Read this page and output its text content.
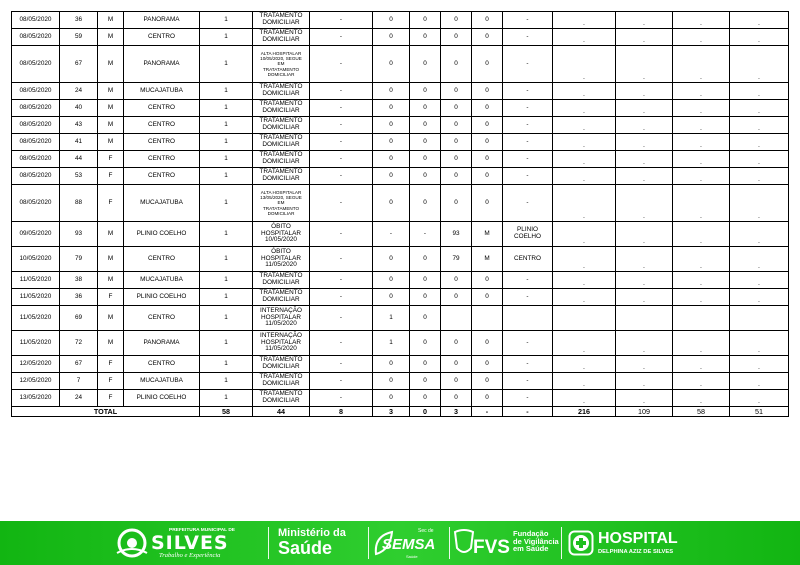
08/05/2020	36	M	PANORAMA	1	TRATAMENTO
DOMICILIAR	-	0	0	0	0	-	.	.	.	.
08/05/2020	59	M	CENTRO	1	TRATAMENTO
DOMICILIAR	-	0	0	0	0	-	.	.	.	.
08/05/2020	67	M	PANORAMA	1	ALTA HOSPITALAR
10/05/2020, SEGUE
EM
TRATATAMENTO
DOMICILIAR	-	0	0	0	0	-	.	.	.	.
08/05/2020	24	M	MUCAJATUBA	1	TRATAMENTO
DOMICILIAR	-	0	0	0	0	-	.	.	.	.
08/05/2020	40	M	CENTRO	1	TRATAMENTO
DOMICILIAR	-	0	0	0	0	-	.	.	.	.
08/05/2020	43	M	CENTRO	1	TRATAMENTO
DOMICILIAR	-	0	0	0	0	-	.	.	.	.
08/05/2020	41	M	CENTRO	1	TRATAMENTO
DOMICILIAR	-	0	0	0	0	-	.	.	.	.
08/05/2020	44	F	CENTRO	1	TRATAMENTO
DOMICILIAR	-	0	0	0	0	-	.	.	.	.
08/05/2020	53	F	CENTRO	1	TRATAMENTO
DOMICILIAR	-	0	0	0	0	-	.	.	.	.
08/05/2020	88	F	MUCAJATUBA	1	ALTA HOSPITALAR
13/05/2020, SEGUE
EM
TRATATAMENTO
DOMICILIAR	-	0	0	0	0	-	.	.	.	.
09/05/2020	93	M	PLINIO COELHO	1	ÓBITO
HOSPITALAR
10/05/2020	-	-	-	93	M	PLINIO COELHO	.	.	.	.
10/05/2020	79	M	CENTRO	1	ÓBITO
HOSPITALAR
11/05/2020	-	0	0	79	M	CENTRO	.	.	.	.
11/05/2020	38	M	MUCAJATUBA	1	TRATAMENTO
DOMICILIAR	-	0	0	0	0	-	.	.	.	.
11/05/2020	36	F	PLINIO COELHO	1	TRATAMENTO
DOMICILIAR	-	0	0	0	0	-	.	.	.	.
11/05/2020	69	M	CENTRO	1	INTERNAÇÃO
HOSPITALAR
11/05/2020	-	1	0							
11/05/2020	72	M	PANORAMA	1	INTERNAÇÃO
HOSPITALAR
11/05/2020	-	1	0	0	0	-	.	.	.	.
12/05/2020	67	F	CENTRO	1	TRATAMENTO
DOMICILIAR	-	0	0	0	0	-	.	.	.	.
12/05/2020	7	F	MUCAJATUBA	1	TRATAMENTO
DOMICILIAR	-	0	0	0	0	-	.	.	.	.
13/05/2020	24	F	PLINIO COELHO	1	TRATAMENTO
DOMICILIAR	-	0	0	0	0	-	.	.	.	.
TOTAL				58	44	8	3	0	3	-	-	216	109	58	51
PREFEITURA MUNICIPAL DE
SILVES
Trabalho e Experiência
Ministério da
Saúde
Sec de
SEMSA
Saúde	FVS
Fundação
de Vigilância
em Saúde
HOSPITAL
DELPHINA AZIZ DE SILVES
